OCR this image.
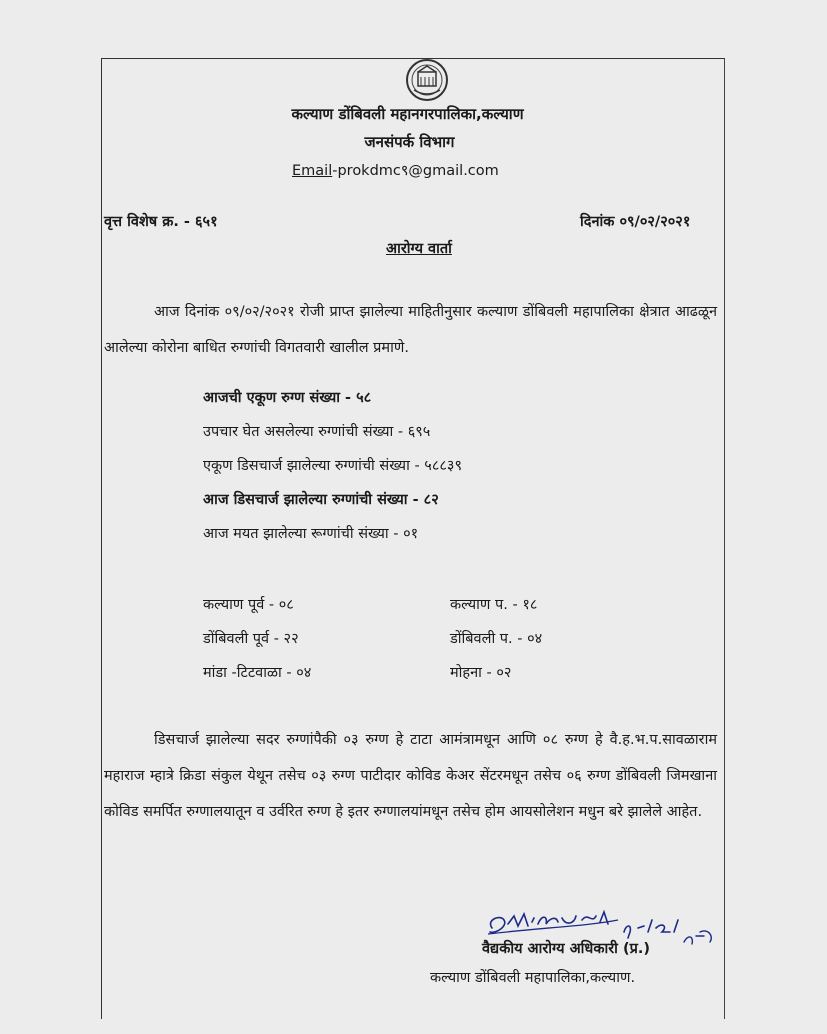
कल्याण डोंबिवली महानगरपालिका,कल्याण
जनसंपर्क विभाग
Email-prokdmc९@gmail.com
वृत्त विशेष क्र. - ६५१	दिनांक ०९/०२/२०२१
आरोग्य वार्ता

आज दिनांक ०९/०२/२०२१ रोजी प्राप्त झालेल्या माहितीनुसार कल्याण डोंबिवली महापालिका क्षेत्रात आढळून आलेल्या कोरोना बाधित रुग्णांची विगतवारी खालील प्रमाणे.

आजची एकूण रुग्ण संख्या - ५८
उपचार घेत असलेल्या रुग्णांची संख्या - ६९५
एकूण डिसचार्ज झालेल्या रुग्णांची संख्या - ५८८३९
आज डिसचार्ज झालेल्या रुग्णांची संख्या - ८२
आज मयत झालेल्या रूग्णांची संख्या - ०१
कल्याण पूर्व - ०८	कल्याण प. - १८
डोंबिवली पूर्व - २२	डोंबिवली प. - ०४
मांडा -टिटवाळा - ०४	मोहना - ०२

डिसचार्ज झालेल्या सदर रुग्णांपैकी ०३ रुग्ण हे टाटा आमंत्रामधून आणि ०८ रुग्ण हे वै.ह.भ.प.सावळाराम महाराज म्हात्रे क्रिडा संकुल येथून तसेच ०३ रुग्ण पाटीदार कोविड केअर सेंटरमधून तसेच ०६ रुग्ण डोंबिवली जिमखाना कोविड समर्पित रुग्णालयातून व उर्वरित रुग्ण हे इतर रुग्णालयांमधून तसेच होम आयसोलेशन मधुन बरे झालेले आहेत.

वैद्यकीय आरोग्य अधिकारी (प्र.)
कल्याण डोंबिवली महापालिका,कल्याण.
